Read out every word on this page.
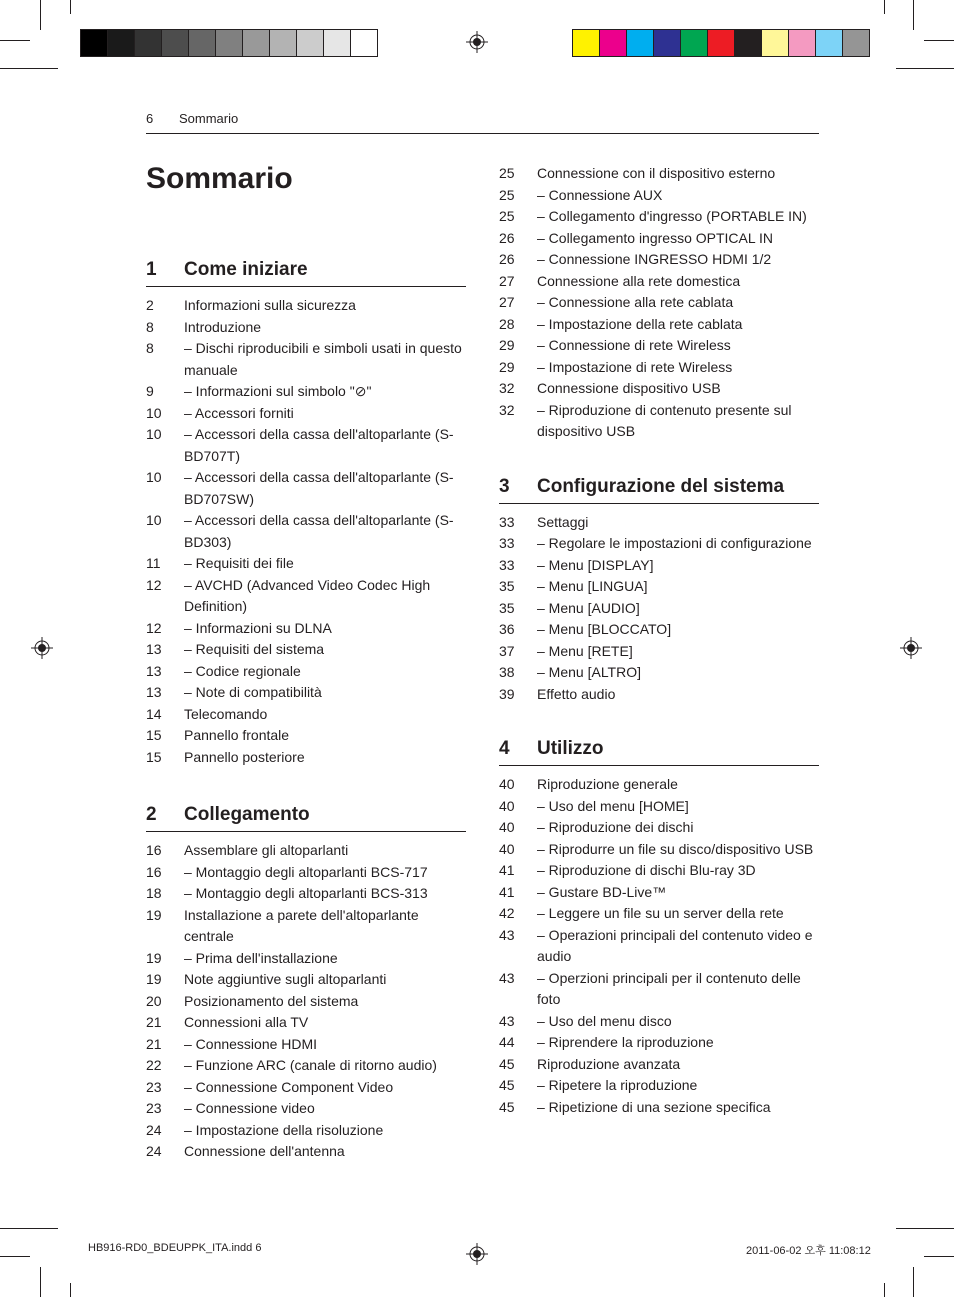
6 Sommario
Sommario
1 Come iniziare
2	Informazioni sulla sicurezza
8	Introduzione
8	– Dischi riproducibili e simboli usati in questo manuale
9	– Informazioni sul simbolo "⊘"
10	– Accessori forniti
10	– Accessori della cassa dell'altoparlante (S-BD707T)
10	– Accessori della cassa dell'altoparlante (S-BD707SW)
10	– Accessori della cassa dell'altoparlante (S-BD303)
11	– Requisiti dei file
12	– AVCHD (Advanced Video Codec High Definition)
12	– Informazioni su DLNA
13	– Requisiti del sistema
13	– Codice regionale
13	– Note di compatibilità
14	Telecomando
15	Pannello frontale
15	Pannello posteriore
2 Collegamento
16	Assemblare gli altoparlanti
16	– Montaggio degli altoparlanti BCS-717
18	– Montaggio degli altoparlanti BCS-313
19	Installazione a parete dell'altoparlante centrale
19	– Prima dell'installazione
19	Note aggiuntive sugli altoparlanti
20	Posizionamento del sistema
21	Connessioni alla TV
21	– Connessione HDMI
22	– Funzione ARC (canale di ritorno audio)
23	– Connessione Component Video
23	– Connessione video
24	– Impostazione della risoluzione
24	Connessione dell'antenna
25	Connessione con il dispositivo esterno
25	– Connessione AUX
25	– Collegamento d'ingresso (PORTABLE IN)
26	– Collegamento ingresso OPTICAL IN
26	– Connessione INGRESSO HDMI 1/2
27	Connessione alla rete domestica
27	– Connessione alla rete cablata
28	– Impostazione della rete cablata
29	– Connessione di rete Wireless
29	– Impostazione di rete Wireless
32	Connessione dispositivo USB
32	– Riproduzione di contenuto presente sul dispositivo USB
3 Configurazione del sistema
33	Settaggi
33	– Regolare le impostazioni di configurazione
33	– Menu [DISPLAY]
35	– Menu [LINGUA]
35	– Menu [AUDIO]
36	– Menu [BLOCCATO]
37	– Menu [RETE]
38	– Menu [ALTRO]
39	Effetto audio
4 Utilizzo
40	Riproduzione generale
40	– Uso del menu [HOME]
40	– Riproduzione dei dischi
40	– Riprodurre un file su disco/dispositivo USB
41	– Riproduzione di dischi Blu-ray 3D
41	– Gustare BD-Live™
42	– Leggere un file su un server della rete
43	– Operazioni principali del contenuto video e audio
43	– Operzioni principali per il contenuto delle foto
43	– Uso del menu disco
44	– Riprendere la riproduzione
45	Riproduzione avanzata
45	– Ripetere la riproduzione
45	– Ripetizione di una sezione specifica
HB916-RD0_BDEUPPK_ITA.indd 6	2011-06-02 오후 11:08:12
